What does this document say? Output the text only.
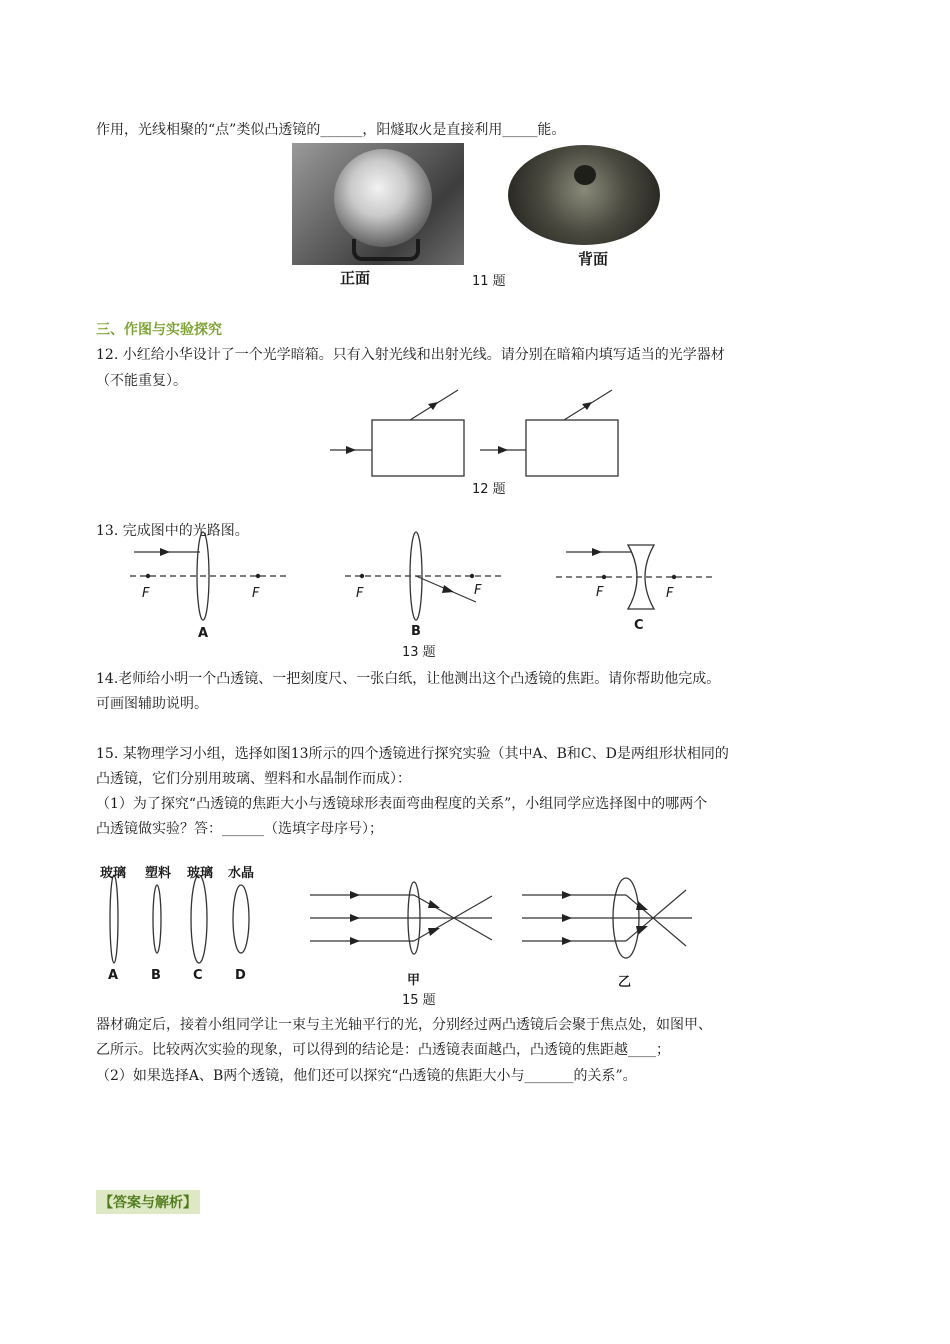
作用，光线相聚的“点”类似凸透镜的______，阳燧取火是直接利用_____能。
正面
背面
11 题
三、作图与实验探究
12. 小红给小华设计了一个光学暗箱。只有入射光线和出射光线。请分别在暗箱内填写适当的光学器材
（不能重复）。
12 题
13. 完成图中的光路图。
F	F
A
F	F
B
13 题
F	F
C
14.老师给小明一个凸透镜、一把刻度尺、一张白纸，让他测出这个凸透镜的焦距。请你帮助他完成。
可画图辅助说明。
15. 某物理学习小组，选择如图13所示的四个透镜进行探究实验（其中A、B和C、D是两组形状相同的
凸透镜，它们分别用玻璃、塑料和水晶制作而成）：
（1）为了探究“凸透镜的焦距大小与透镜球形表面弯曲程度的关系”，小组同学应选择图中的哪两个
凸透镜做实验？答：______（选填字母序号）；
玻璃 塑料 玻璃 水晶
A	B C D	甲	乙
15 题
器材确定后，接着小组同学让一束与主光轴平行的光，分别经过两凸透镜后会聚于焦点处，如图甲、
乙所示。比较两次实验的现象，可以得到的结论是：凸透镜表面越凸，凸透镜的焦距越____；
（2）如果选择A、B两个透镜，他们还可以探究“凸透镜的焦距大小与_______的关系”。
【答案与解析】
